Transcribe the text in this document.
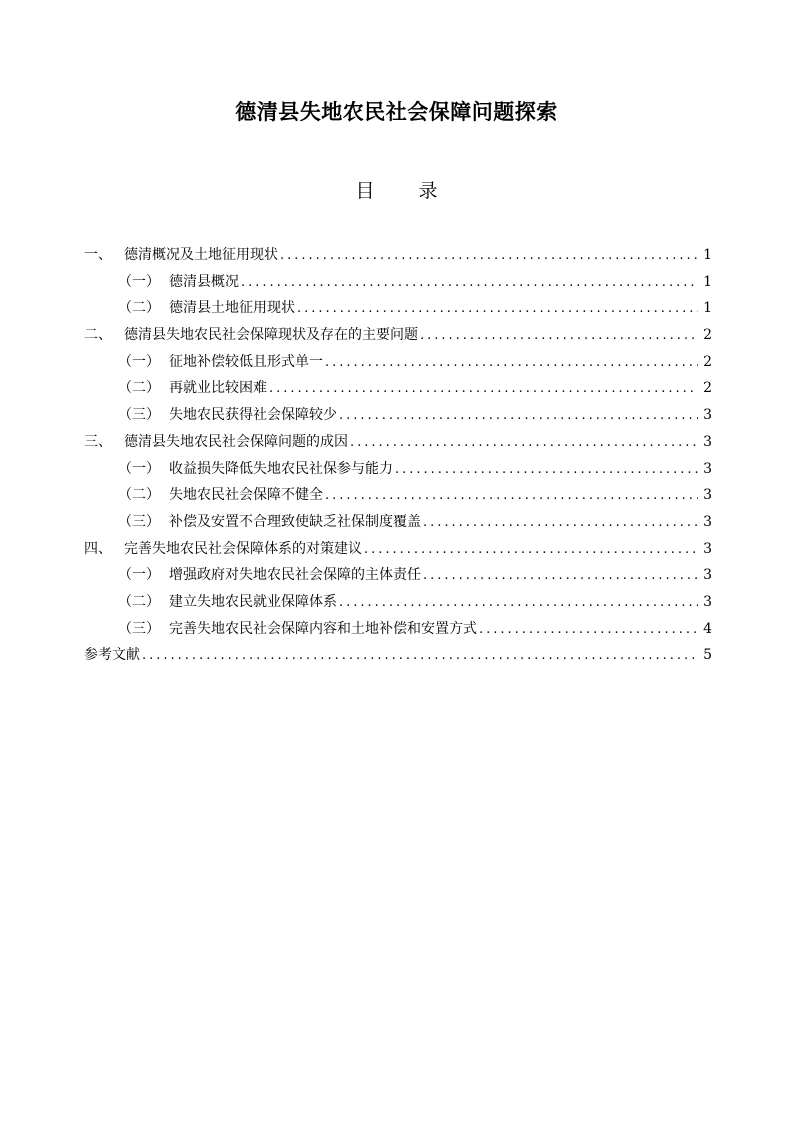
德清县失地农民社会保障问题探索
目 录
一、 德清概况及土地征用现状 .....	1
（一） 德清县概况 .....	1
（二） 德清县土地征用现状 .....	1
二、 德清县失地农民社会保障现状及存在的主要问题 .....	2
（一） 征地补偿较低且形式单一 .....	2
（二） 再就业比较困难 .....	2
（三） 失地农民获得社会保障较少 .....	3
三、 德清县失地农民社会保障问题的成因 .....	3
（一） 收益损失降低失地农民社保参与能力 .....	3
（二） 失地农民社会保障不健全 .....	3
（三） 补偿及安置不合理致使缺乏社保制度覆盖 .....	3
四、 完善失地农民社会保障体系的对策建议 .....	3
（一） 增强政府对失地农民社会保障的主体责任 .....	3
（二） 建立失地农民就业保障体系 .....	3
（三） 完善失地农民社会保障内容和土地补偿和安置方式 .....	4
参考文献 .....	5
